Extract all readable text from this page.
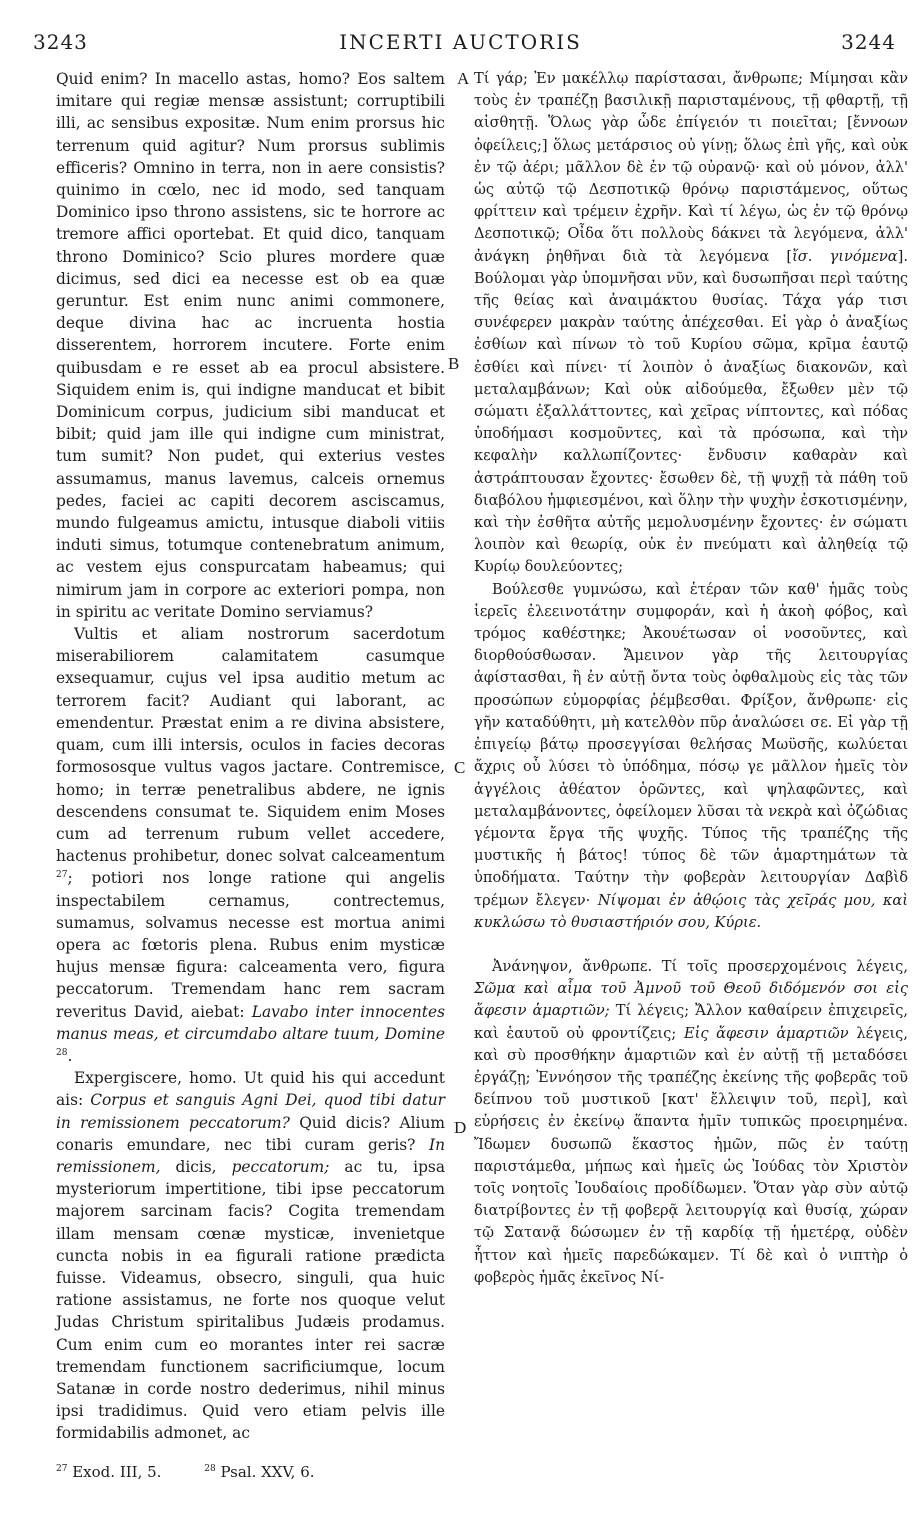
INCERTI AUCTORIS
3243	3244

Quid enim? In macello astas, homo? Eos saltem imitare qui regiæ mensæ assistunt; corruptibili illi, ac sensibus expositæ. Num enim prorsus hic terrenum quid agitur? Num prorsus sublimis efficeris? Omnino in terra, non in aere consistis? quinimo in cœlo, nec id modo, sed tanquam Dominico ipso throno assistens, sic te horrore ac tremore affici oportebat. Et quid dico, tanquam throno Dominico? Scio plures mordere quæ dicimus, sed dici ea necesse est ob ea quæ geruntur. Est enim nunc animi commonere, deque divina hac ac incruenta hostia disserentem, horrorem incutere. Forte enim quibusdam e re esset ab ea procul absistere. Siquidem enim is, qui indigne manducat et bibit Dominicum corpus, judicium sibi manducat et bibit; quid jam ille qui indigne cum ministrat, tum sumit? Non pudet, qui exterius vestes assumamus, manus lavemus, calceis ornemus pedes, faciei ac capiti decorem asciscamus, mundo fulgeamus amictu, intusque diaboli vitiis induti simus, totumque contenebratum animum, ac vestem ejus conspurcatam habeamus; qui nimirum jam in corpore ac exteriori pompa, non in spiritu ac veritate Domino serviamus?

Vultis et aliam nostrorum sacerdotum miserabiliorem calamitatem casumque exsequamur, cujus vel ipsa auditio metum ac terrorem facit? Audiant qui laborant, ac emendentur. Præstat enim a re divina absistere, quam, cum illi intersis, oculos in facies decoras formososque vultus vagos jactare. Contremisce, homo; in terræ penetralibus abdere, ne ignis descendens consumat te. Siquidem enim Moses cum ad terrenum rubum vellet accedere, hactenus prohibetur, donec solvat calceamentum $^{27}$; potiori nos longe ratione qui angelis inspectabilem cernamus, contrectemus, sumamus, solvamus necesse est mortua animi opera ac fœtoris plena. Rubus enim mysticæ hujus mensæ figura: calceamenta vero, figura peccatorum. Tremendam hanc rem sacram reveritus David, aiebat: Lavabo inter innocentes manus meas, et circumdabo altare tuum, Domine $^{28}$.

Expergiscere, homo. Ut quid his qui accedunt ais: Corpus et sanguis Agni Dei, quod tibi datur in remissionem peccatorum? Quid dicis? Alium conaris emundare, nec tibi curam geris? In remissionem, dicis, peccatorum; ac tu, ipsa mysteriorum impertitione, tibi ipse peccatorum majorem sarcinam facis? Cogita tremendam illam mensam cœnæ mysticæ, invenietque cuncta nobis in ea figurali ratione prædicta fuisse. Videamus, obsecro, singuli, qua huic ratione assistamus, ne forte nos quoque velut Judas Christum spiritalibus Judæis prodamus. Cum enim cum eo morantes inter rei sacræ tremendam functionem sacrificiumque, locum Satanæ in corde nostro dederimus, nihil minus ipsi tradidimus. Quid vero etiam pelvis ille formidabilis admonet, ac

A
B
C
D

Τί γάρ; Ἐν μακέλλῳ παρίστασαι, ἄνθρωπε; Μίμησαι κἂν τοὺς ἐν τραπέζῃ βασιλικῇ παρισταμένους, τῇ φθαρτῇ, τῇ αἰσθητῇ. Ὅλως γὰρ ὧδε ἐπίγειόν τι ποιεῖται; [ἔννοων ὀφείλεις;] ὅλως μετάρσιος οὐ γίνῃ; ὅλως ἐπὶ γῆς, καὶ οὐκ ἐν τῷ ἀέρι; μᾶλλον δὲ ἐν τῷ οὐρανῷ· καὶ οὐ μόνον, ἀλλ' ὡς αὐτῷ τῷ Δεσποτικῷ θρόνῳ παριστάμενος, οὕτως φρίττειν καὶ τρέμειν ἐχρῆν. Καὶ τί λέγω, ὡς ἐν τῷ θρόνῳ Δεσποτικῷ; Οἶδα ὅτι πολλοὺς δάκνει τὰ λεγόμενα, ἀλλ' ἀνάγκη ῥηθῆναι διὰ τὰ λεγόμενα [ἴσ. γινόμενα]. Βούλομαι γὰρ ὑπομνῆσαι νῦν, καὶ δυσωπῆσαι περὶ ταύτης τῆς θείας καὶ ἀναιμάκτου θυσίας. Τάχα γάρ τισι συνέφερεν μακρὰν ταύτης ἀπέχεσθαι. Εἰ γὰρ ὁ ἀναξίως ἐσθίων καὶ πίνων τὸ τοῦ Κυρίου σῶμα, κρῖμα ἑαυτῷ ἐσθίει καὶ πίνει· τί λοιπὸν ὁ ἀναξίως διακονῶν, καὶ μεταλαμβάνων; Καὶ οὐκ αἰδούμεθα, ἔξωθεν μὲν τῷ σώματι ἐξαλλάττοντες, καὶ χεῖρας νίπτοντες, καὶ πόδας ὑποδήμασι κοσμοῦντες, καὶ τὰ πρόσωπα, καὶ τὴν κεφαλὴν καλλωπίζοντες· ἔνδυσιν καθαρὰν καὶ ἀστράπτουσαν ἔχοντες· ἔσωθεν δὲ, τῇ ψυχῇ τὰ πάθη τοῦ διαβόλου ἠμφιεσμένοι, καὶ ὅλην τὴν ψυχὴν ἐσκοτισμένην, καὶ τὴν ἐσθῆτα αὐτῆς μεμολυσμένην ἔχοντες· ἐν σώματι λοιπὸν καὶ θεωρίᾳ, οὐκ ἐν πνεύματι καὶ ἀληθείᾳ τῷ Κυρίῳ δουλεύοντες;

Βούλεσθε γυμνώσω, καὶ ἑτέραν τῶν καθ' ἡμᾶς τοὺς ἱερεῖς ἐλεεινοτάτην συμφοράν, καὶ ἡ ἀκοὴ φόβος, καὶ τρόμος καθέστηκε; Ἀκουέτωσαν οἱ νοσοῦντες, καὶ διορθούσθωσαν. Ἄμεινον γὰρ τῆς λειτουργίας ἀφίστασθαι, ἢ ἐν αὐτῇ ὄντα τοὺς ὀφθαλμοὺς εἰς τὰς τῶν προσώπων εὐμορφίας ῥέμβεσθαι. Φρίξον, ἄνθρωπε· εἰς γῆν καταδύθητι, μὴ κατελθὸν πῦρ ἀναλώσει σε. Εἰ γὰρ τῇ ἐπιγείῳ βάτῳ προσεγγίσαι θελήσας Μωϋσῆς, κωλύεται ἄχρις οὗ λύσει τὸ ὑπόδημα, πόσῳ γε μᾶλλον ἡμεῖς τὸν ἀγγέλοις ἀθέατον ὁρῶντες, καὶ ψηλαφῶντες, καὶ μεταλαμβάνοντες, ὀφείλομεν λῦσαι τὰ νεκρὰ καὶ ὀζώδιας γέμοντα ἔργα τῆς ψυχῆς. Τύπος τῆς τραπέζης τῆς μυστικῆς ἡ βάτος! τύπος δὲ τῶν ἁμαρτημάτων τὰ ὑποδήματα. Ταύτην τὴν φοβερὰν λειτουργίαν Δαβὶδ τρέμων ἔλεγεν· Νίψομαι ἐν ἀθῴοις τὰς χεῖράς μου, καὶ κυκλώσω τὸ θυσιαστήριόν σου, Κύριε.

Ἀνάνηψον, ἄνθρωπε. Τί τοῖς προσερχομένοις λέγεις, Σῶμα καὶ αἷμα τοῦ Ἀμνοῦ τοῦ Θεοῦ διδόμενόν σοι εἰς ἄφεσιν ἁμαρτιῶν; Τί λέγεις; Ἄλλον καθαίρειν ἐπιχειρεῖς, καὶ ἑαυτοῦ οὐ φροντίζεις; Εἰς ἄφεσιν ἁμαρτιῶν λέγεις, καὶ σὺ προσθήκην ἁμαρτιῶν καὶ ἐν αὐτῇ τῇ μεταδόσει ἐργάζῃ; Ἐννόησον τῆς τραπέζης ἐκείνης τῆς φοβερᾶς τοῦ δείπνου τοῦ μυστικοῦ [κατ' ἔλλειψιν τοῦ, περὶ], καὶ εὑρήσεις ἐν ἐκείνῳ ἅπαντα ἡμῖν τυπικῶς προειρημένα. Ἴδωμεν δυσωπῶ ἕκαστος ἡμῶν, πῶς ἐν ταύτῃ παριστάμεθα, μήπως καὶ ἡμεῖς ὡς Ἰούδας τὸν Χριστὸν τοῖς νοητοῖς Ἰουδαίοις προδίδωμεν. Ὅταν γὰρ σὺν αὐτῷ διατρίβοντες ἐν τῇ φοβερᾷ λειτουργίᾳ καὶ θυσίᾳ, χώραν τῷ Σατανᾷ δώσωμεν ἐν τῇ καρδίᾳ τῇ ἡμετέρᾳ, οὐδὲν ἧττον καὶ ἡμεῖς παρεδώκαμεν. Τί δὲ καὶ ὁ νιπτὴρ ὁ φοβερὸς ἡμᾶς ἐκεῖνος Νί-

$^{27}$ Exod. III, 5.	$^{28}$ Psal. XXV, 6.
